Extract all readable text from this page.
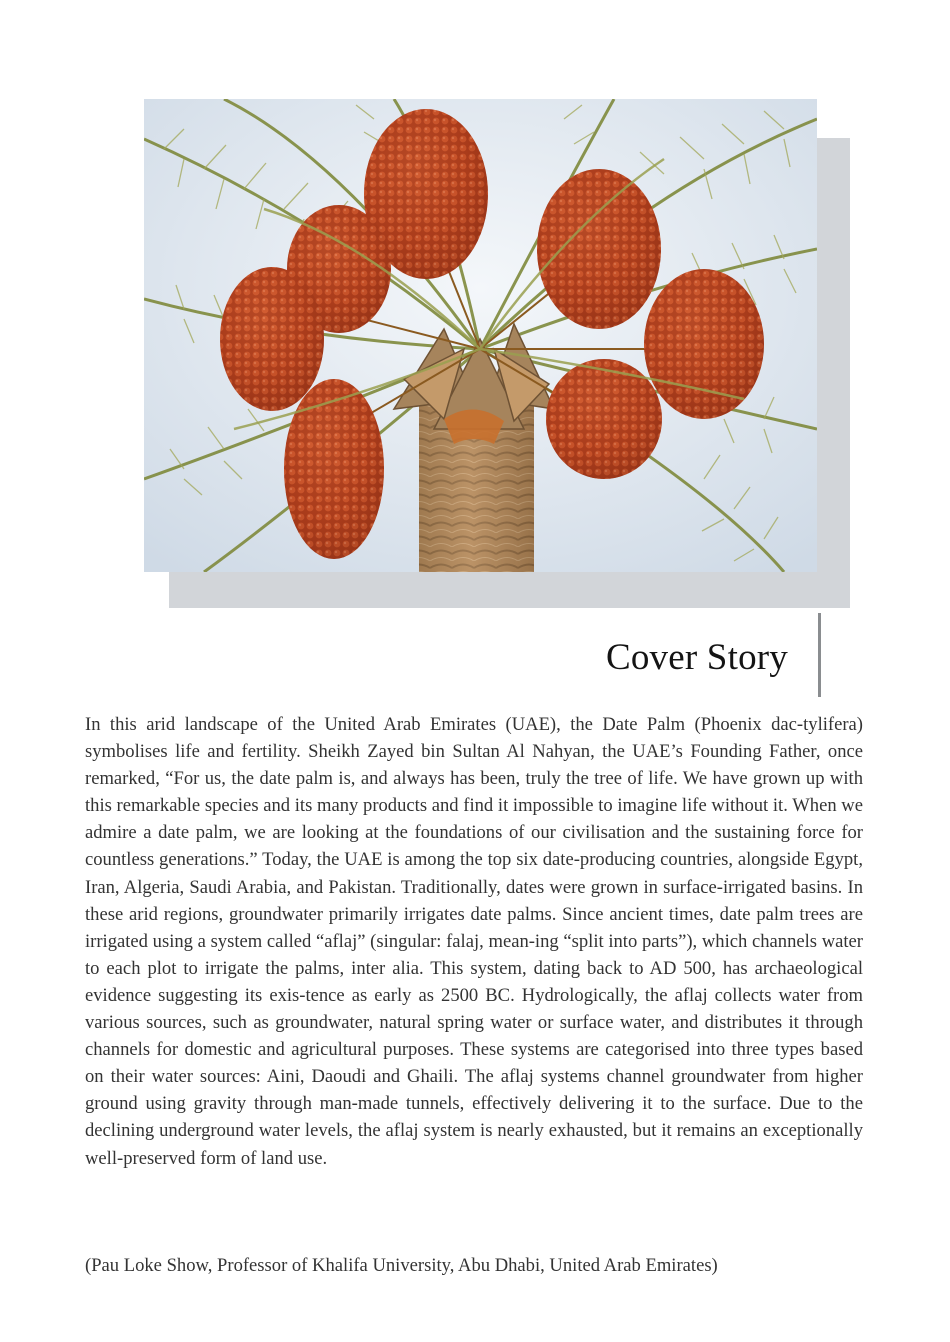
Cover Story

In this arid landscape of the United Arab Emirates (UAE), the Date Palm (Phoenix dac-tylifera) symbolises life and fertility. Sheikh Zayed bin Sultan Al Nahyan, the UAE’s Founding Father, once remarked, “For us, the date palm is, and always has been, truly the tree of life. We have grown up with this remarkable species and its many products and find it impossible to imagine life without it. When we admire a date palm, we are looking at the foundations of our civilisation and the sustaining force for countless generations.” Today, the UAE is among the top six date-producing countries, alongside Egypt, Iran, Algeria, Saudi Arabia, and Pakistan. Traditionally, dates were grown in surface-irrigated basins. In these arid regions, groundwater primarily irrigates date palms. Since ancient times, date palm trees are irrigated using a system called “aflaj” (singular: falaj, mean-ing “split into parts”), which channels water to each plot to irrigate the palms, inter alia. This system, dating back to AD 500, has archaeological evidence suggesting its exis-tence as early as 2500 BC. Hydrologically, the aflaj collects water from various sources, such as groundwater, natural spring water or surface water, and distributes it through channels for domestic and agricultural purposes. These systems are categorised into three types based on their water sources: Aini, Daoudi and Ghaili. The aflaj systems channel groundwater from higher ground using gravity through man-made tunnels, effectively delivering it to the surface. Due to the declining underground water levels, the aflaj system is nearly exhausted, but it remains an exceptionally well-preserved form of land use.

(Pau Loke Show, Professor of Khalifa University, Abu Dhabi, United Arab Emirates)
